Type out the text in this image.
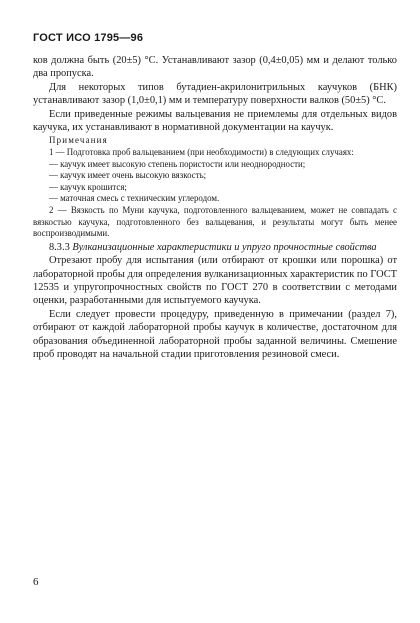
ГОСТ ИСО 1795—96

ков должна быть (20±5) °С. Устанавливают зазор (0,4±0,05) мм и делают только два пропуска.

Для некоторых типов бутадиен-акрилонитрильных каучуков (БНК) устанавливают зазор (1,0±0,1) мм и температуру поверхности валков (50±5) °С.

Если приведенные режимы вальцевания не приемлемы для отдельных видов каучука, их устанавливают в нормативной документации на каучук.

Примечания

1 — Подготовка проб вальцеванием (при необходимости) в следующих случаях:

— каучук имеет высокую степень пористости или неоднородности;

— каучук имеет очень высокую вязкость;

— каучук крошится;

— маточная смесь с техническим углеродом.

2 — Вязкость по Муни каучука, подготовленного вальцеванием, может не совпадать с вязкостью каучука, подготовленного без вальцевания, и результаты могут быть менее воспроизводимыми.

8.3.3 Вулканизационные характеристики и упруго прочностные свойства

Отрезают пробу для испытания (или отбирают от крошки или порошка) от лабораторной пробы для определения вулканизационных характеристик по ГОСТ 12535 и упругопрочностных свойств по ГОСТ 270 в соответствии с методами оценки, разработанными для испытуемого каучука.

Если следует провести процедуру, приведенную в примечании (раздел 7), отбирают от каждой лабораторной пробы каучук в количестве, достаточном для образования объединенной лабораторной пробы заданной величины. Смешение проб проводят на начальной стадии приготовления резиновой смеси.

6
